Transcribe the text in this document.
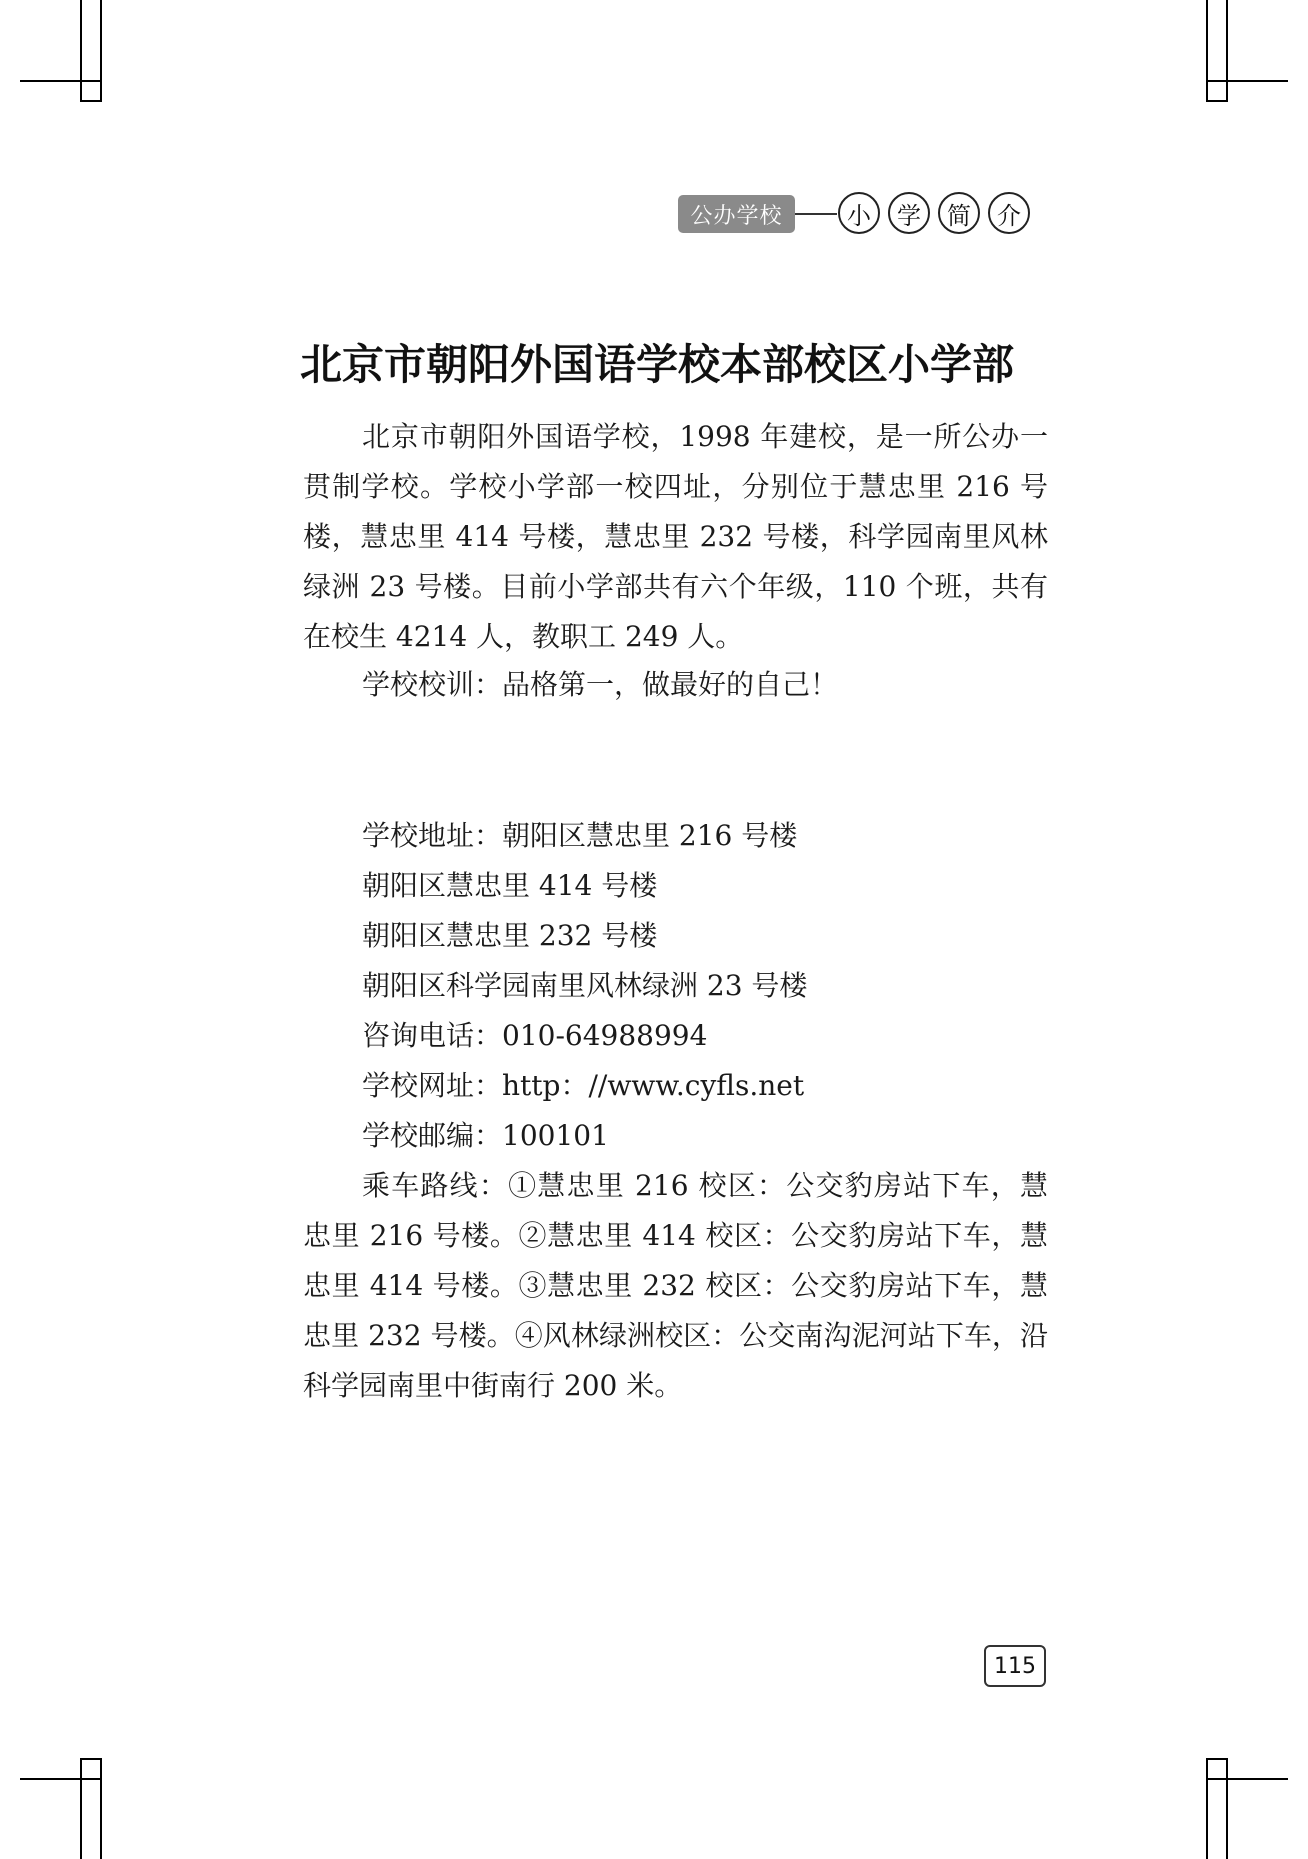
公办学校	小	学	简	介
北京市朝阳外国语学校本部校区小学部

北京市朝阳外国语学校，1998 年建校，是一所公办一贯制学校。学校小学部一校四址，分别位于慧忠里 216 号楼，慧忠里 414 号楼，慧忠里 232 号楼，科学园南里风林绿洲 23 号楼。目前小学部共有六个年级，110 个班，共有在校生 4214 人，教职工 249 人。

学校校训：品格第一，做最好的自己！

学校地址：朝阳区慧忠里 216 号楼
朝阳区慧忠里 414 号楼
朝阳区慧忠里 232 号楼
朝阳区科学园南里风林绿洲 23 号楼
咨询电话：010-64988994
学校网址：http：//www.cyfls.net
学校邮编：100101

乘车路线：①慧忠里 216 校区：公交豹房站下车，慧忠里 216 号楼。②慧忠里 414 校区：公交豹房站下车，慧忠里 414 号楼。③慧忠里 232 校区：公交豹房站下车，慧忠里 232 号楼。④风林绿洲校区：公交南沟泥河站下车，沿科学园南里中街南行 200 米。

115
